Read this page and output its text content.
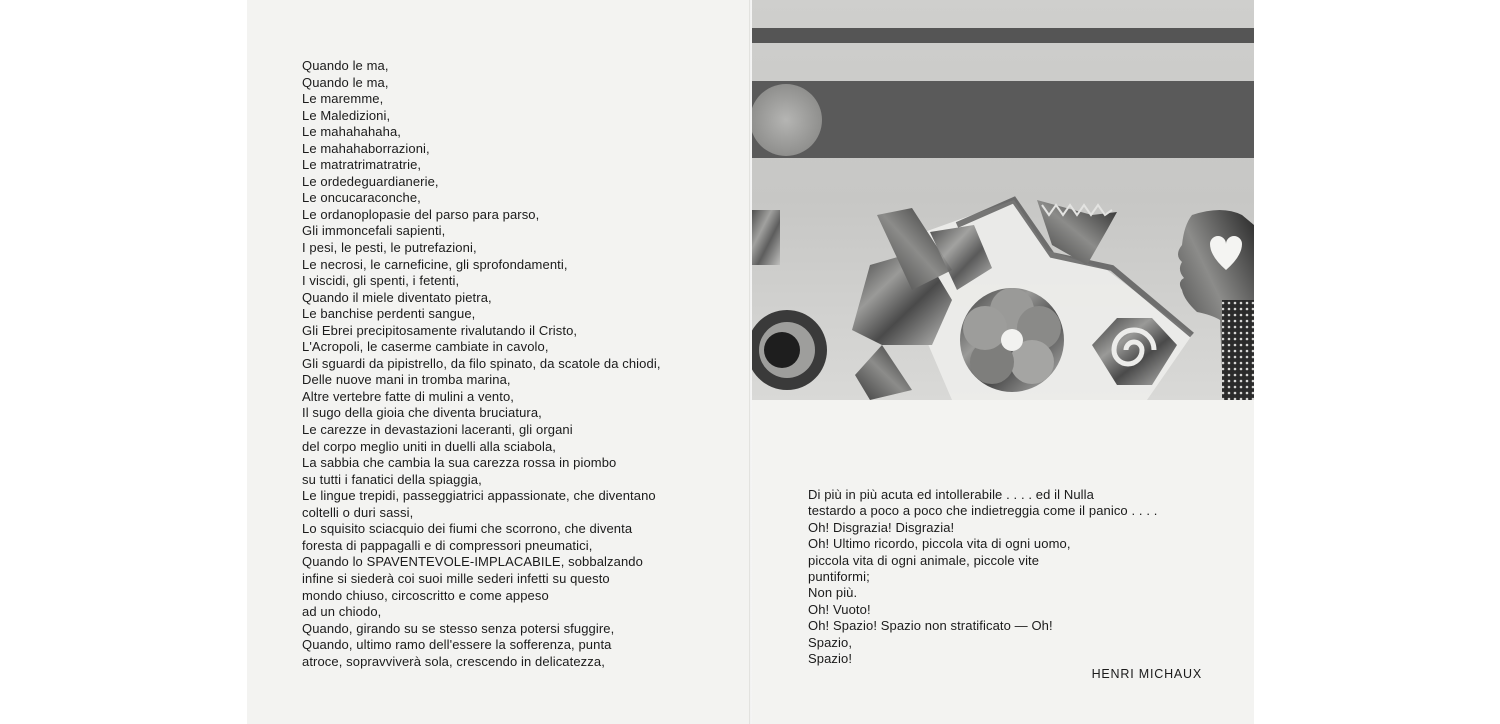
Quando le ma,
Quando le ma,
Le maremme,
Le Maledizioni,
Le mahahahaha,
Le mahahaborrazioni,
Le matratrimatratrie,
Le ordedeguardianerie,
Le oncucaraconche,
Le ordanoplopasie del parso para parso,
Gli immoncefali sapienti,
I pesi, le pesti, le putrefazioni,
Le necrosi, le carneficine, gli sprofondamenti,
I viscidi, gli spenti, i fetenti,
Quando il miele diventato pietra,
Le banchise perdenti sangue,
Gli Ebrei precipitosamente rivalutando il Cristo,
L'Acropoli, le caserme cambiate in cavolo,
Gli sguardi da pipistrello, da filo spinato, da scatole da chiodi,
Delle nuove mani in tromba marina,
Altre vertebre fatte di mulini a vento,
Il sugo della gioia che diventa bruciatura,
Le carezze in devastazioni laceranti, gli organi
del corpo meglio uniti in duelli alla sciabola,
La sabbia che cambia la sua carezza rossa in piombo
su tutti i fanatici della spiaggia,
Le lingue trepidi, passeggiatrici appassionate, che diventano
coltelli o duri sassi,
Lo squisito sciacquio dei fiumi che scorrono, che diventa
foresta di pappagalli e di compressori pneumatici,
Quando lo SPAVENTEVOLE-IMPLACABILE, sobbalzando
infine si siederà coi suoi mille sederi infetti su questo
mondo chiuso, circoscritto e come appeso
ad un chiodo,
Quando, girando su se stesso senza potersi sfuggire,
Quando, ultimo ramo dell'essere la sofferenza, punta
atroce, sopravviverà sola, crescendo in delicatezza,
Di più in più acuta ed intollerabile . . . . ed il Nulla
testardo a poco a poco che indietreggia come il panico . . . .
Oh! Disgrazia! Disgrazia!
Oh! Ultimo ricordo, piccola vita di ogni uomo,
piccola vita di ogni animale, piccole vite
puntiformi;
Non più.
Oh! Vuoto!
Oh! Spazio! Spazio non stratificato — Oh!
Spazio,
Spazio!
HENRI MICHAUX
